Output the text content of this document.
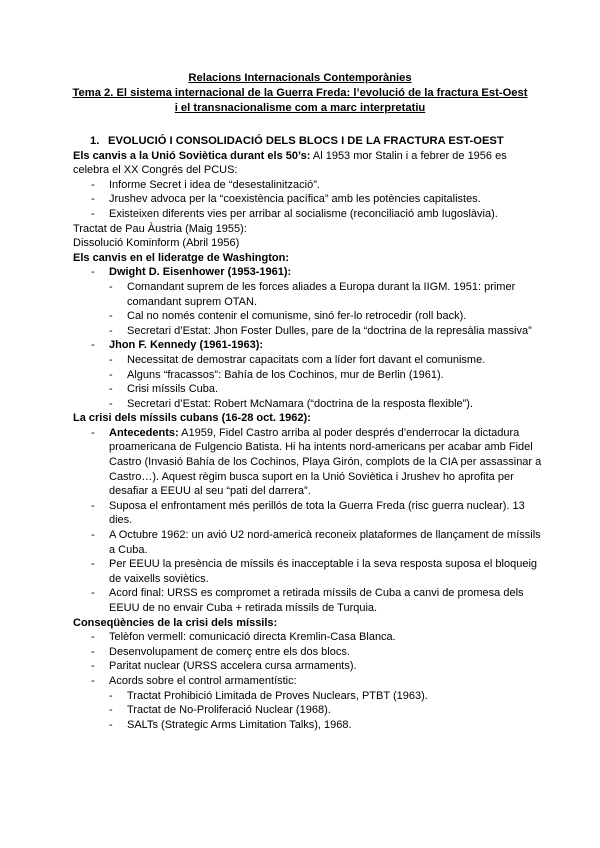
Relacions Internacionals Contemporànies
Tema 2. El sistema internacional de la Guerra Freda: l’evolució de la fractura Est-Oest
i el transnacionalisme com a marc interpretatiu
1. EVOLUCIÓ I CONSOLIDACIÓ DELS BLOCS I DE LA FRACTURA EST-OEST

Els canvis a la Unió Soviètica durant els 50’s: Al 1953 mor Stalin i a febrer de 1956 es celebra el XX Congrés del PCUS:

- Informe Secret i idea de “desestalinització”.
- Jrushev advoca per la “coexistència pacífica” amb les potències capitalistes.
- Existeixen diferents vies per arribar al socialisme (reconciliació amb Iugoslàvia).

Tractat de Pau Àustria (Maig 1955):

Dissolució Kominform (Abril 1956)

Els canvis en el lideratge de Washington:

- Dwight D. Eisenhower (1953-1961):
- Comandant suprem de les forces aliades a Europa durant la IIGM. 1951: primer comandant suprem OTAN.
- Cal no només contenir el comunisme, sinó fer-lo retrocedir (roll back).
- Secretari d’Estat: Jhon Foster Dulles, pare de la “doctrina de la represàlia massiva”
- Jhon F. Kennedy (1961-1963):
- Necessitat de demostrar capacitats com a líder fort davant el comunisme.
- Alguns “fracassos”: Bahía de los Cochinos, mur de Berlin (1961).
- Crisi míssils Cuba.
- Secretari d’Estat: Robert McNamara (“doctrina de la resposta flexible”).

La crisi dels míssils cubans (16-28 oct. 1962):

- Antecedents: A1959, Fidel Castro arriba al poder després d’enderrocar la dictadura proamericana de Fulgencio Batista. Hi ha intents nord-americans per acabar amb Fidel Castro (Invasió Bahía de los Cochinos, Playa Girón, complots de la CIA per assassinar a Castro…). Aquest règim busca suport en la Unió Soviètica i Jrushev ho aprofita per desafiar a EEUU al seu “pati del darrera”.
- Suposa el enfrontament més perillós de tota la Guerra Freda (risc guerra nuclear). 13 dies.
- A Octubre 1962: un avió U2 nord-americà reconeix plataformes de llançament de míssils a Cuba.
- Per EEUU la presència de míssils és inacceptable i la seva resposta suposa el bloqueig de vaixells soviètics.
- Acord final: URSS es compromet a retirada míssils de Cuba a canvi de promesa dels EEUU de no envair Cuba + retirada míssils de Turquia.

Conseqüències de la crisi dels míssils:

- Telèfon vermell: comunicació directa Kremlin-Casa Blanca.
- Desenvolupament de comerç entre els dos blocs.
- Paritat nuclear (URSS accelera cursa armaments).
- Acords sobre el control armamentístic:
- Tractat Prohibició Limitada de Proves Nuclears, PTBT (1963).
- Tractat de No-Proliferació Nuclear (1968).
- SALTs (Strategic Arms Limitation Talks), 1968.
